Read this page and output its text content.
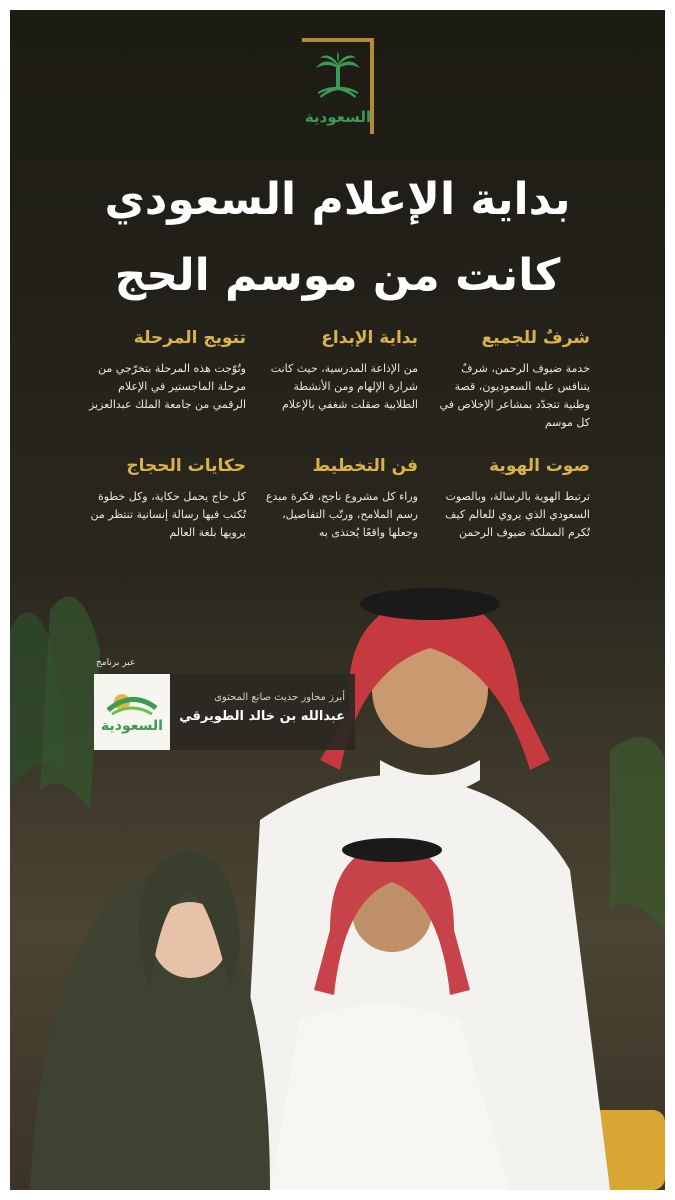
السعودية
بداية الإعلام السعودي
كانت من موسم الحج
شرفٌ للجميع

خدمة ضيوف الرحمن، شرفٌ يتنافس عليه السعوديون، قصة وطنية تتجدّد بمشاعر الإخلاص في كل موسم

بداية الإبداع

من الإذاعة المدرسية، حيث كانت شرارة الإلهام ومن الأنشطة الطلابية صقلت شغفي بالإعلام

تتويج المرحلة

وتُوّجت هذه المرحلة بتخرّجي من مرحلة الماجستير في الإعلام الرقمي من جامعة الملك عبدالعزيز

صوت الهوية

ترتبط الهوية بالرسالة، وبالصوت السعودي الذي يروي للعالم كيف تُكرم المملكة ضيوف الرحمن

فن التخطيط

وراء كل مشروع ناجح، فكرة مبدع رسم الملامح، ورتّب التفاصيل، وجعلها واقعًا يُحتذى به

حكايات الحجاج

كل حاج يحمل حكاية، وكل خطوة تُكتب فيها رسالة إنسانية تنتظر من يرويها بلغة العالم

عبر برنامج
السعودية
أبرز محاور حديث صانع المحتوى
عبدالله بن خالد الطويرقي
